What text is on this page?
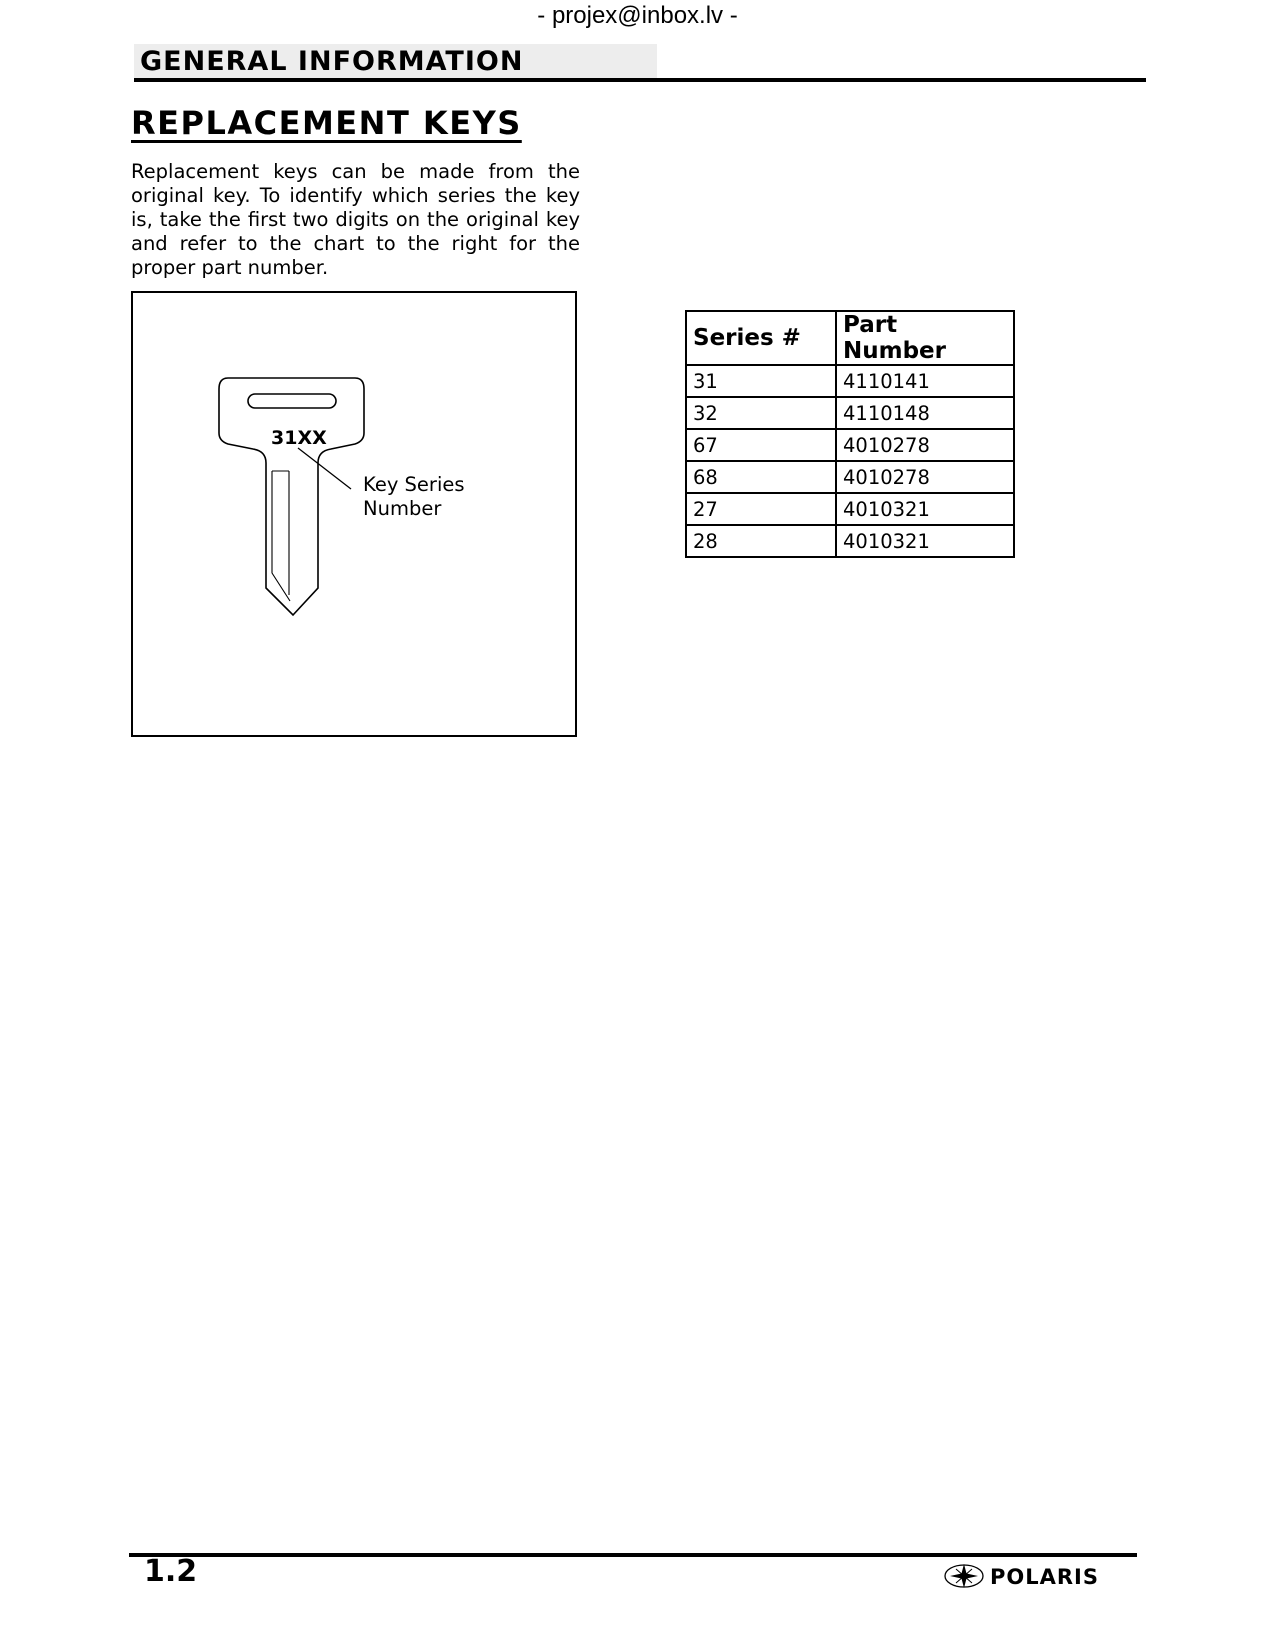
- projex@inbox.lv -
GENERAL INFORMATION
REPLACEMENT KEYS

Replacement keys can be made from the original key. To identify which series the key is, take the first two digits on the original key and refer to the chart to the right for the proper part number.

31XX
Key Series
Number
Series #	Part Number
31	4110141
32	4110148
67	4010278
68	4010278
27	4010321
28	4010321
1.2	POLARIS
